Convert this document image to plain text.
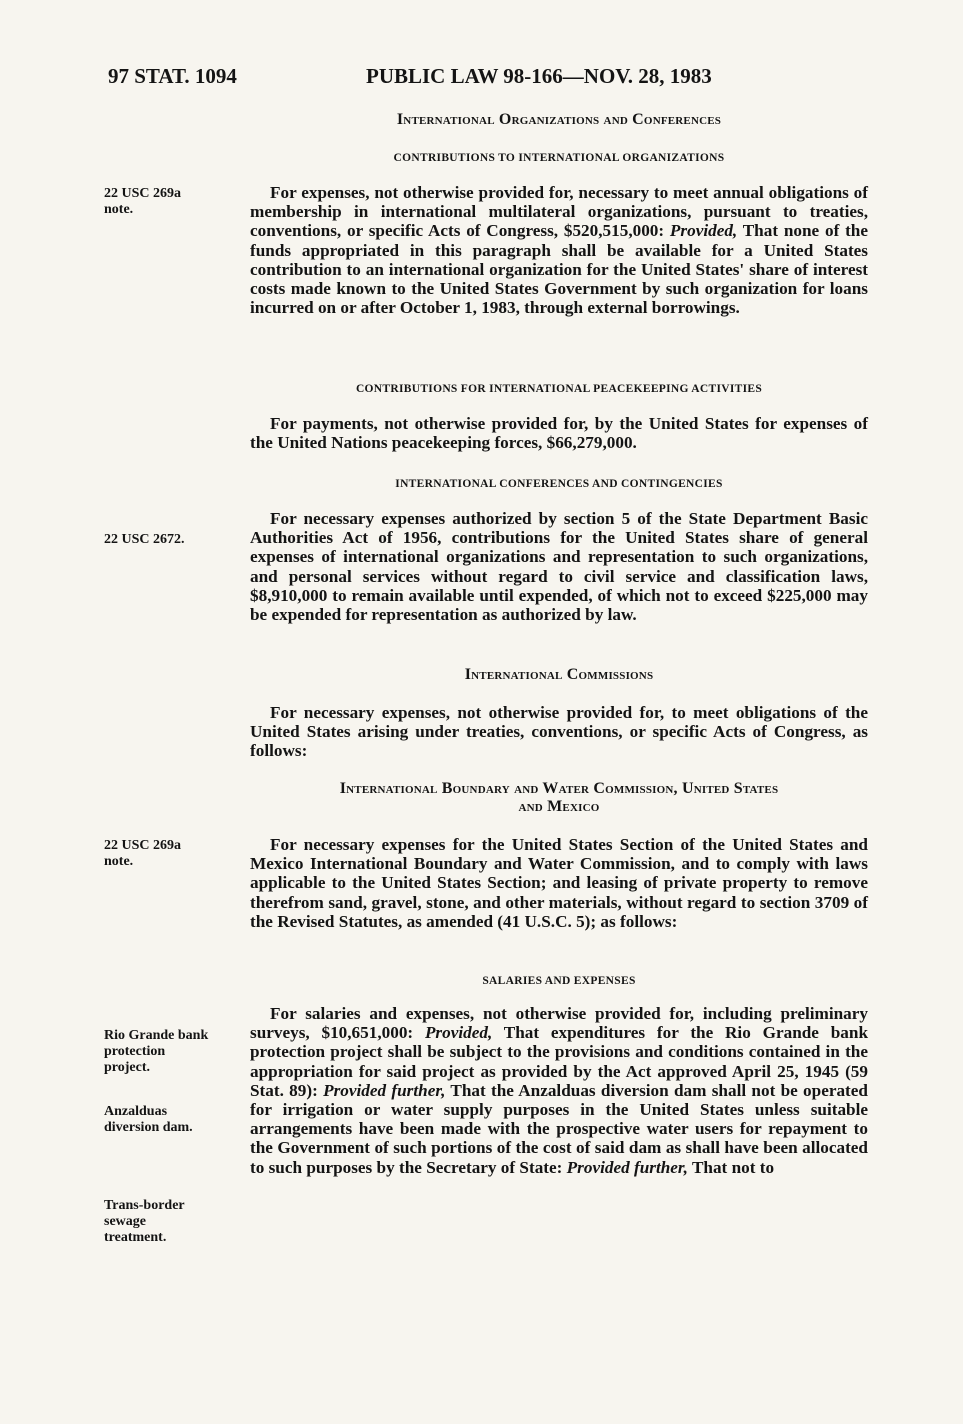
97 STAT. 1094	PUBLIC LAW 98-166—NOV. 28, 1983
22 USC 269a
note.
22 USC 2672.
22 USC 269a
note.
Rio Grande bank
protection
project.
Anzalduas
diversion dam.
Trans-border
sewage
treatment.
International Organizations and Conferences
CONTRIBUTIONS TO INTERNATIONAL ORGANIZATIONS

For expenses, not otherwise provided for, necessary to meet annual obligations of membership in international multilateral organizations, pursuant to treaties, conventions, or specific Acts of Congress, $520,515,000: Provided, That none of the funds appropriated in this paragraph shall be available for a United States contribution to an international organization for the United States' share of interest costs made known to the United States Government by such organization for loans incurred on or after October 1, 1983, through external borrowings.

CONTRIBUTIONS FOR INTERNATIONAL PEACEKEEPING ACTIVITIES

For payments, not otherwise provided for, by the United States for expenses of the United Nations peacekeeping forces, $66,279,000.

INTERNATIONAL CONFERENCES AND CONTINGENCIES

For necessary expenses authorized by section 5 of the State Department Basic Authorities Act of 1956, contributions for the United States share of general expenses of international organizations and representation to such organizations, and personal services without regard to civil service and classification laws, $8,910,000 to remain available until expended, of which not to exceed $225,000 may be expended for representation as authorized by law.

International Commissions

For necessary expenses, not otherwise provided for, to meet obligations of the United States arising under treaties, conventions, or specific Acts of Congress, as follows:

International Boundary and Water Commission, United States
and Mexico

For necessary expenses for the United States Section of the United States and Mexico International Boundary and Water Commission, and to comply with laws applicable to the United States Section; and leasing of private property to remove therefrom sand, gravel, stone, and other materials, without regard to section 3709 of the Revised Statutes, as amended (41 U.S.C. 5); as follows:

SALARIES AND EXPENSES

For salaries and expenses, not otherwise provided for, including preliminary surveys, $10,651,000: Provided, That expenditures for the Rio Grande bank protection project shall be subject to the provisions and conditions contained in the appropriation for said project as provided by the Act approved April 25, 1945 (59 Stat. 89): Provided further, That the Anzalduas diversion dam shall not be operated for irrigation or water supply purposes in the United States unless suitable arrangements have been made with the prospective water users for repayment to the Government of such portions of the cost of said dam as shall have been allocated to such purposes by the Secretary of State: Provided further, That not to
